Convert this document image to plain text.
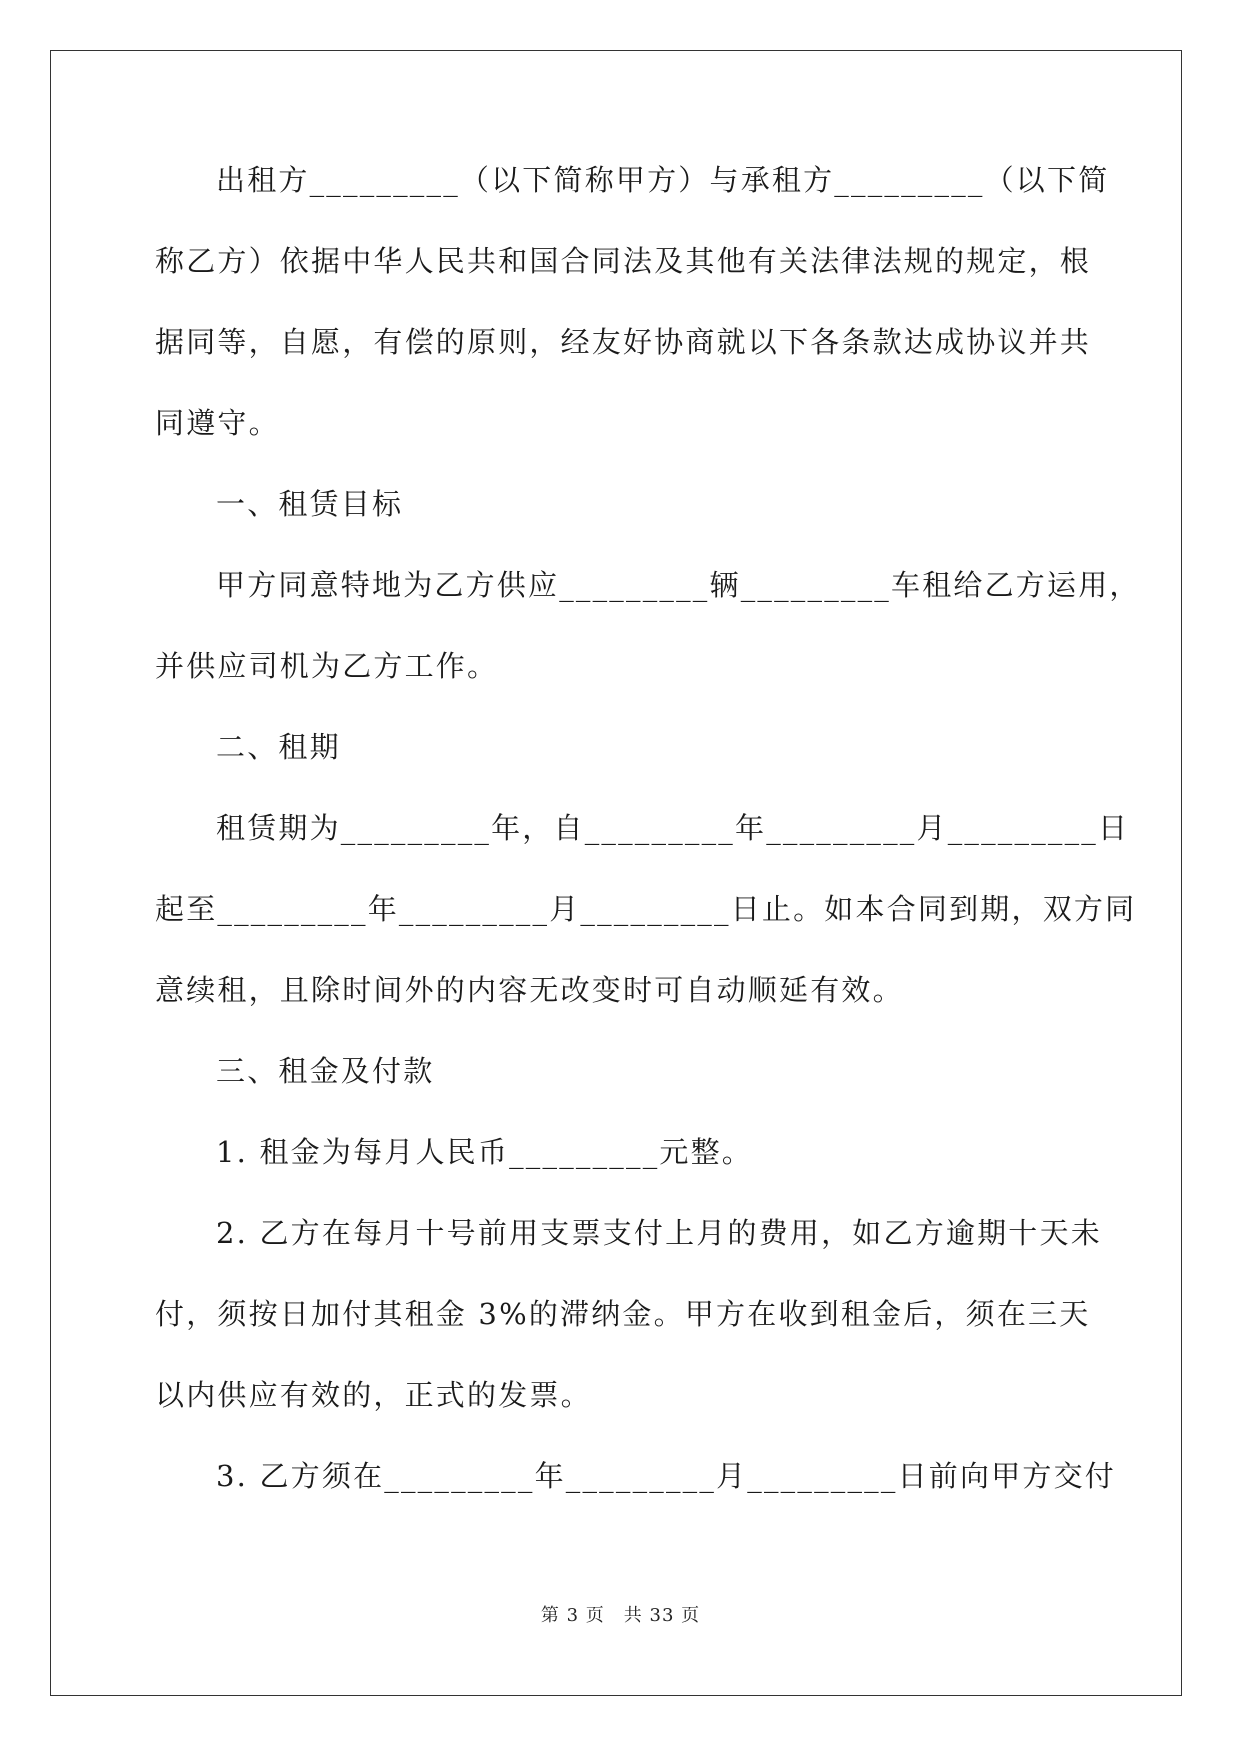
出租方_________（以下简称甲方）与承租方_________（以下简
称乙方）依据中华人民共和国合同法及其他有关法律法规的规定，根
据同等，自愿，有偿的原则，经友好协商就以下各条款达成协议并共
同遵守。
一、租赁目标
甲方同意特地为乙方供应_________辆_________车租给乙方运用，
并供应司机为乙方工作。
二、租期
租赁期为_________年，自_________年_________月_________日
起至_________年_________月_________日止。如本合同到期，双方同
意续租，且除时间外的内容无改变时可自动顺延有效。
三、租金及付款
1. 租金为每月人民币_________元整。
2. 乙方在每月十号前用支票支付上月的费用，如乙方逾期十天未
付，须按日加付其租金 3%的滞纳金。甲方在收到租金后，须在三天
以内供应有效的，正式的发票。
3. 乙方须在_________年_________月_________日前向甲方交付
第 3 页　共 33 页
